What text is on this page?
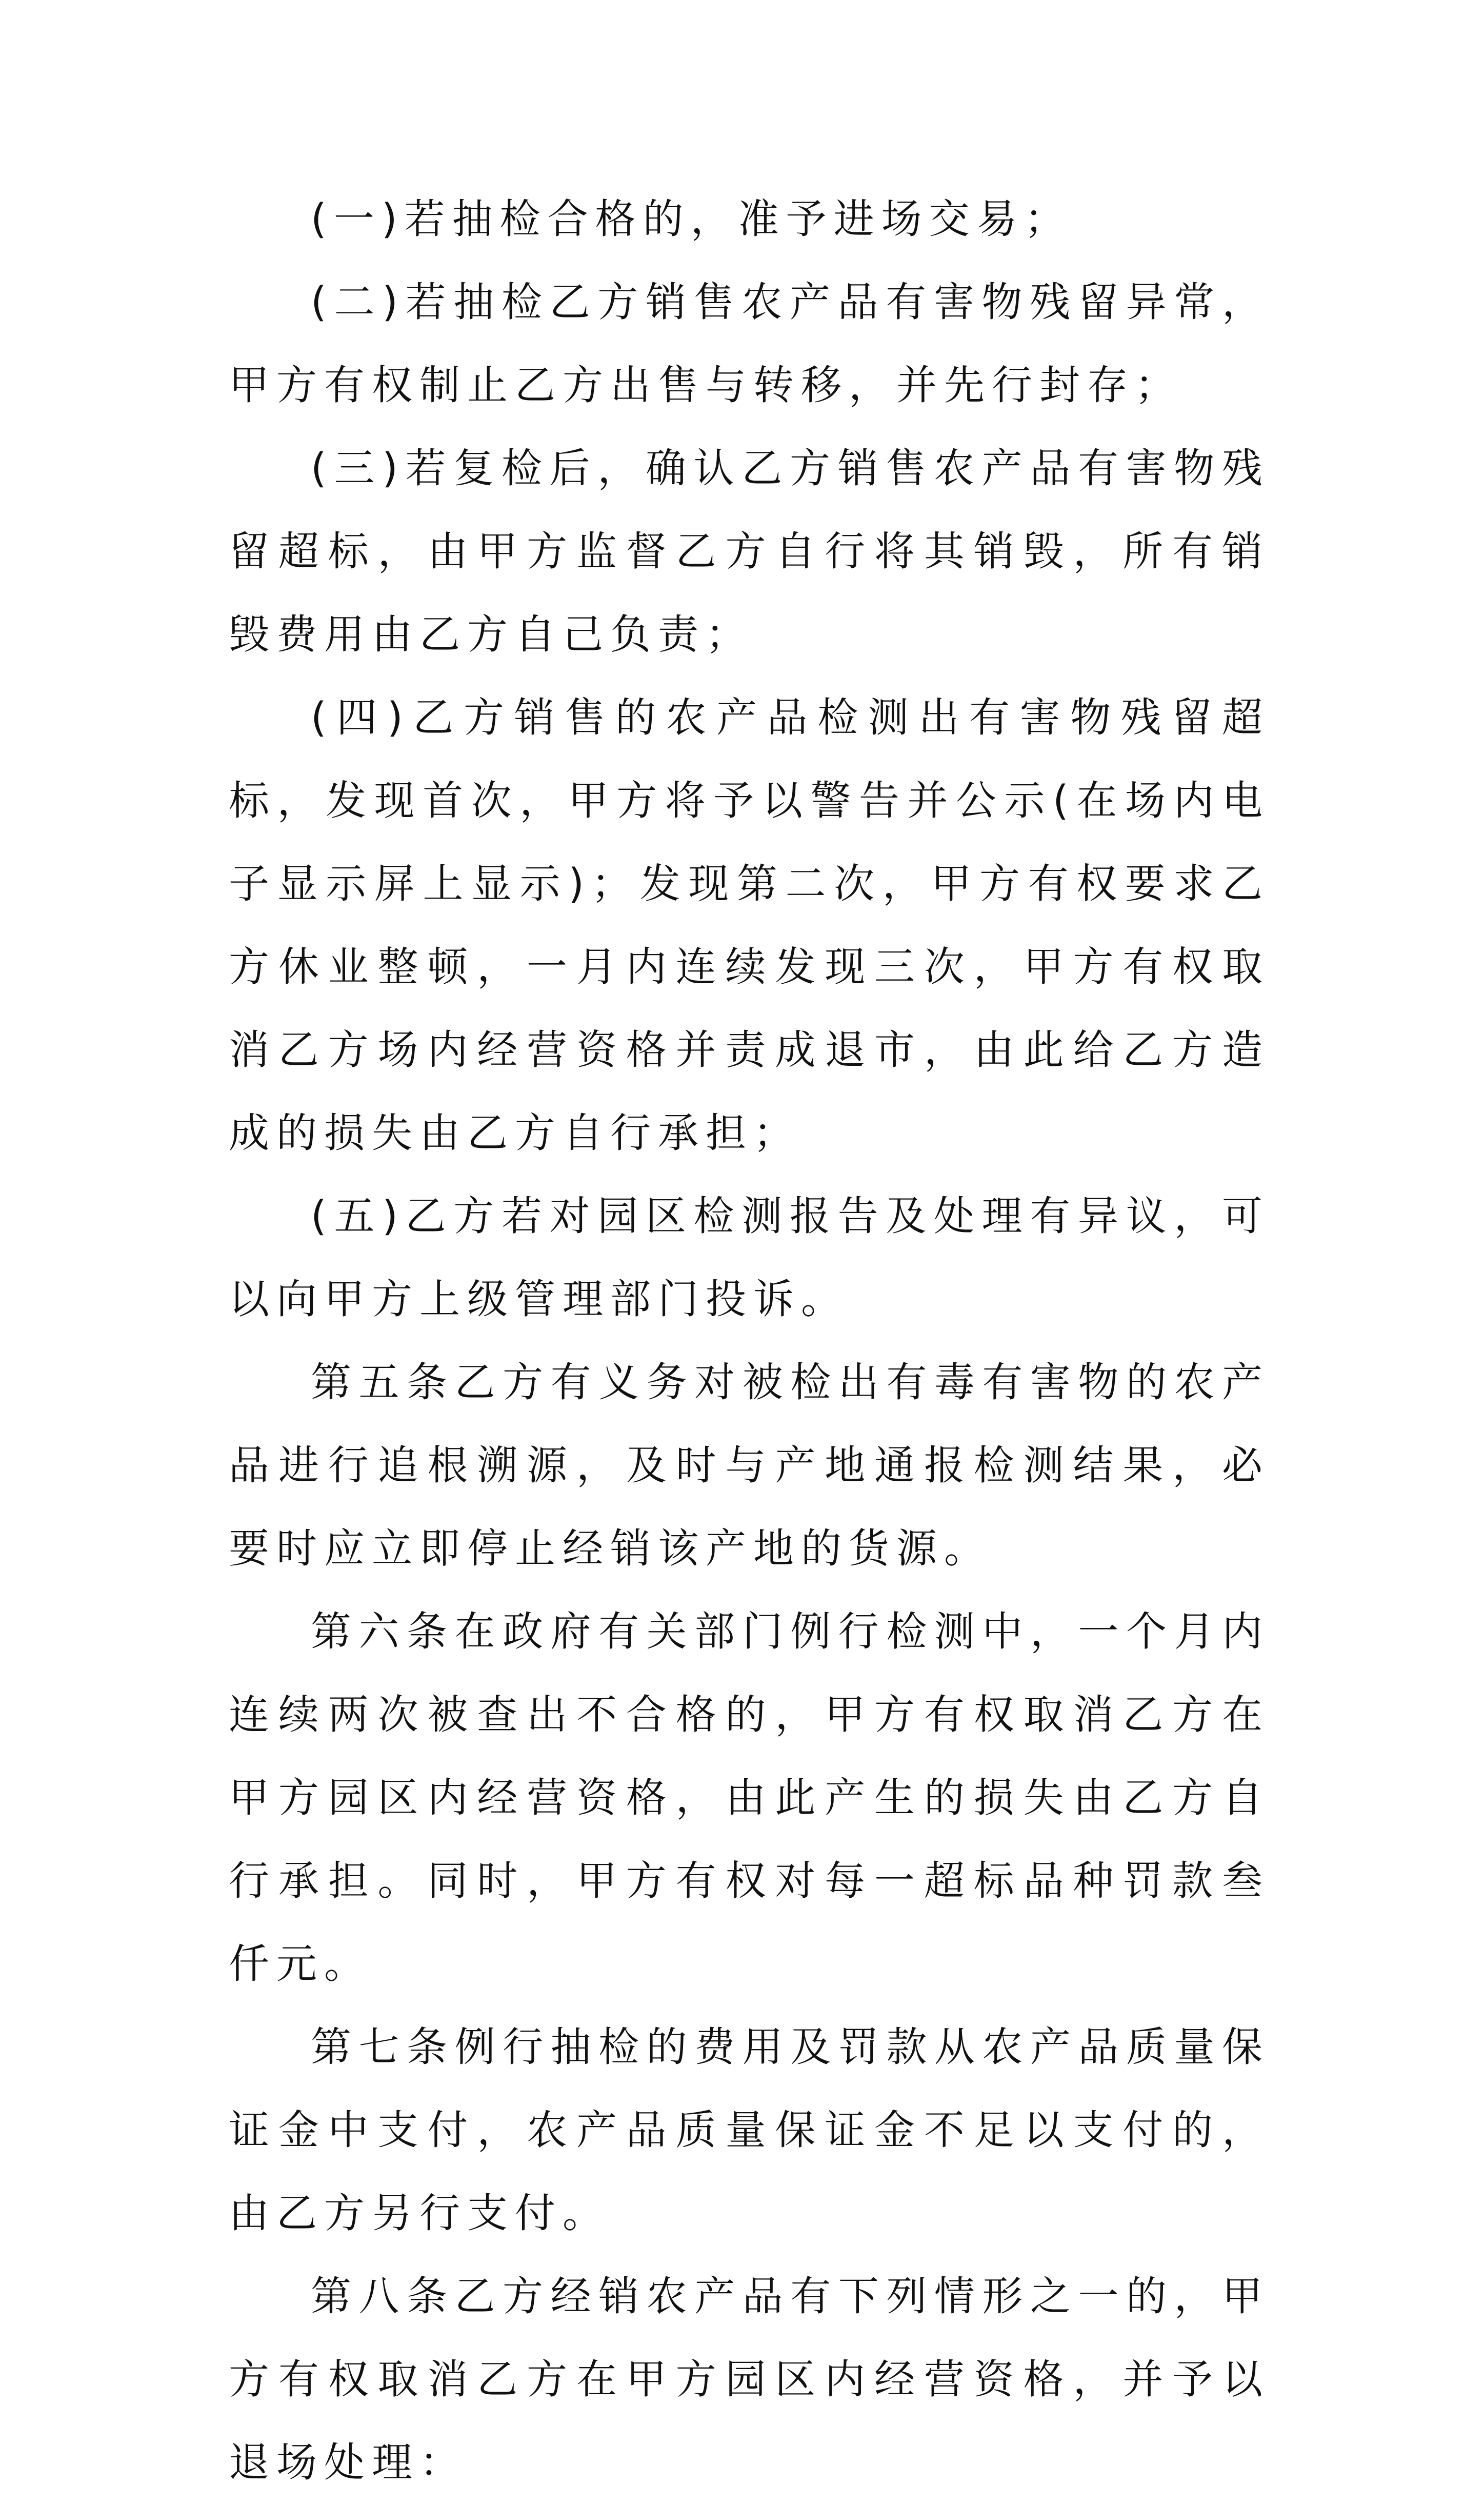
(一)若抽检合格的，准予进场交易；

(二)若抽检乙方销售农产品有害物残留异常，甲方有权制止乙方出售与转移，并先行封存；

(三)若复检后，确认乙方销售农产品有害物残留超标，由甲方监督乙方自行将其销毁，所有销毁费用由乙方自己负责；

(四)乙方销售的农产品检测出有害物残留超标，发现首次，甲方将予以警告并公示(在场内电子显示屏上显示)；发现第二次，甲方有权要求乙方休业整顿，一月内连续发现三次，甲方有权取消乙方场内经营资格并责成退市，由此给乙方造成的损失由乙方自行承担；

(五)乙方若对园区检测报告及处理有异议，可以向甲方上级管理部门投诉。

第五条乙方有义务对被检出有毒有害物的农产品进行追根溯源，及时与产地通报检测结果，必要时应立即停止经销该产地的货源。

第六条在政府有关部门例行检测中，一个月内连续两次被查出不合格的，甲方有权取消乙方在甲方园区内经营资格，由此产生的损失由乙方自行承担。同时，甲方有权对每一超标品种罚款叁仟元。

第七条例行抽检的费用及罚款从农产品质量保证金中支付，农产品质量保证金不足以支付的，由乙方另行支付。

第八条乙方经销农产品有下列情形之一的，甲方有权取消乙方在甲方园区内经营资格，并予以退场处理：
